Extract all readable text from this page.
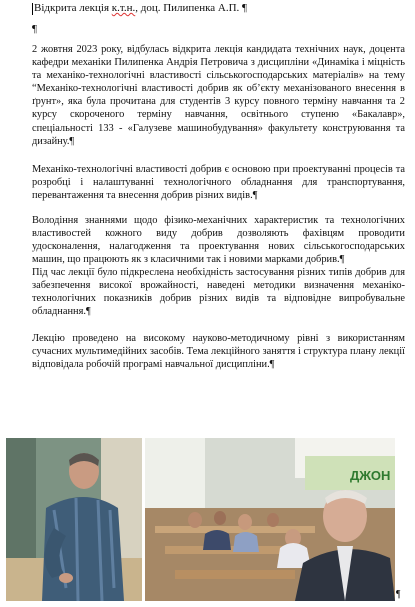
Відкрита лекція к.т.н., доц. Пилипенка А.П. ¶
¶

2 жовтня 2023 року, відбулась відкрита лекція кандидата технічних наук, доцента кафедри механіки Пилипенка Андрія Петровича з дисципліни «Динаміка і міцність та механіко-технологічні властивості сільськогосподарських матеріалів» на тему “Механіко-технологічні властивості добрив як об’єкту механізованого внесення в ґрунт», яка була прочитана для студентів 3 курсу повного терміну навчання та 2 курсу скороченого терміну навчання, освітнього ступеню «Бакалавр», спеціальності 133 - «Галузеве машинобудування» факультету конструювання та дизайну.¶

Механіко-технологічні властивості добрив є основою при проектуванні процесів та розробці і налаштуванні технологічного обладнання для транспортування, перевантаження та внесення добрив різних видів.¶

Володіння знаннями щодо фізико-механічних характеристик та технологічних властивостей кожного виду добрив дозволяють фахівцям проводити удосконалення, налагодження та проектування нових сільськогосподарських машин, що працюють як з класичними так і новими марками добрив.¶

Під час лекції було підкреслена необхідність застосування різних типів добрив для забезпечення високої врожайності, наведені методики визначення механіко-технологічних показників добрив різних видів та відповідне випробувальне обладнання.¶

Лекцію проведено на високому науково-методичному рівні з використанням сучасних мультимедійних засобів. Тема лекційного заняття і структура плану лекції відповідала робочій програмі навчальної дисципліни.¶

ДЖОН
¶
